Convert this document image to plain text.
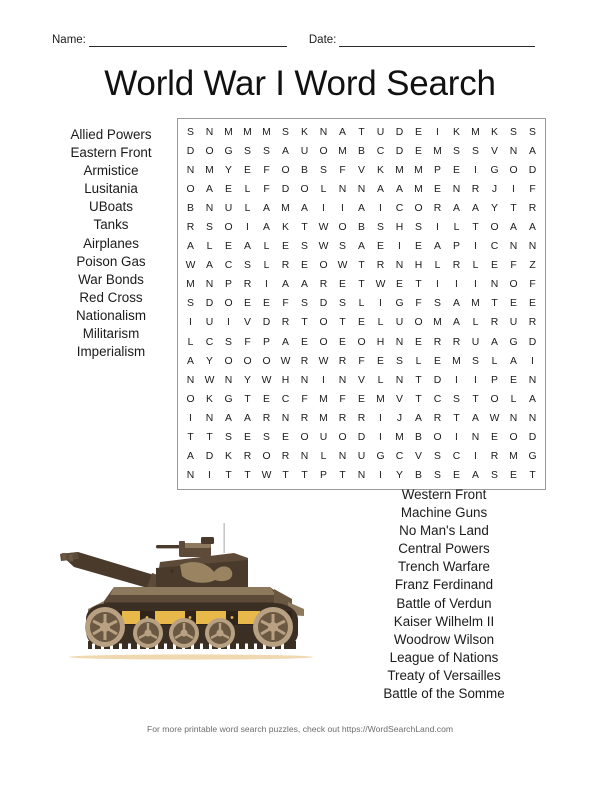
Name:	Date:
World War I Word Search
Allied Powers
Eastern Front
Armistice
Lusitania
UBoats
Tanks
Airplanes
Poison Gas
War Bonds
Red Cross
Nationalism
Militarism
Imperialism
S	N	M M M	S	K	N	A	T	U	D	E	I	K	M	K	S	S
D	O	G	S	S	A	U	O	M	B	C	D	E	M	S	S	V	N	A
N	M	Y	E	F	O	B	S	F	V	K	M M	P	E	I	G	O	D
O	A	E	L	F	D	O	L	N	N	A	A	M	E	N	R	J	I	F
B	N	U	L	A	M	A	I	I	A	I	C	O	R	A	A	Y	T	R
R	S	O	I	A	K	T	W O	B	S	H	S	I	L	T	O	A	A
A	L	E	A	L	E	S	W	S	A	E	I	E	A	P	I	C	N	N
W	A	C	S	L	R	E	O W	T	R	N	H	L	R	L	E	F	Z
M	N	P	R	I	A	A	R	E	T	W	E	T	I	I	I	N	O	F
S	D	O	E	E	F	S	D	S	L	I	G	F	S	A	M	T	E	E
I	U	I	V	D	R	T	O	T	E	L	U	O	M	A	L	R	U	R
L	C	S	F	P	A	E	O	E	O	H	N	E	R	R	U	A	G	D
A	Y	O	O	O W R W R	F	E	S	L	E	M	S	L	A	I
N W N	Y	W H	N	I	N	V	L	N	T	D	I	I	P	E	N
O	K	G	T	E	C	F	M	F	E	M	V	T	C	S	T	O	L	A
I	N	A	A	R	N	R	M	R	R	I	J	A	R	T	A	W N	N
T	T	S	E	S	E	O	U	O	D	I	M	B	O	I	N	E	O	D
A	D	K	R	O	R	N	L	N	U	G	C	V	S	C	I	R	M	G
N	I	T	T	W	T	T	P	T	N	I	Y	B	S	E	A	S	E	T
Western Front
Machine Guns
No Man's Land
Central Powers
Trench Warfare
Franz Ferdinand
Battle of Verdun
Kaiser Wilhelm II
Woodrow Wilson
League of Nations
Treaty of Versailles
Battle of the Somme
For more printable word search puzzles, check out https://WordSearchLand.com
